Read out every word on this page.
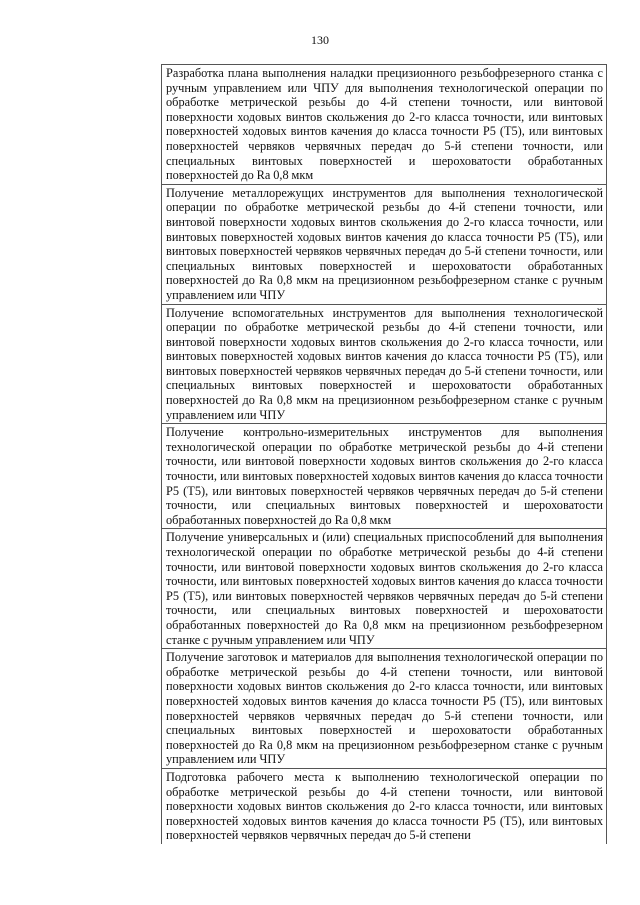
130
Разработка плана выполнения наладки прецизионного резьбофрезерного станка с ручным управлением или ЧПУ для выполнения технологической операции по обработке метрической резьбы до 4-й степени точности, или винтовой поверхности ходовых винтов скольжения до 2-го класса точности, или винтовых поверхностей ходовых винтов качения до класса точности P5 (T5), или винтовых поверхностей червяков червячных передач до 5-й степени точности, или специальных винтовых поверхностей и шероховатости обработанных поверхностей до Ra 0,8 мкм
Получение металлорежущих инструментов для выполнения технологической операции по обработке метрической резьбы до 4-й степени точности, или винтовой поверхности ходовых винтов скольжения до 2-го класса точности, или винтовых поверхностей ходовых винтов качения до класса точности P5 (T5), или винтовых поверхностей червяков червячных передач до 5-й степени точности, или специальных винтовых поверхностей и шероховатости обработанных поверхностей до Ra 0,8 мкм на прецизионном резьбофрезерном станке с ручным управлением или ЧПУ
Получение вспомогательных инструментов для выполнения технологической операции по обработке метрической резьбы до 4-й степени точности, или винтовой поверхности ходовых винтов скольжения до 2-го класса точности, или винтовых поверхностей ходовых винтов качения до класса точности P5 (T5), или винтовых поверхностей червяков червячных передач до 5-й степени точности, или специальных винтовых поверхностей и шероховатости обработанных поверхностей до Ra 0,8 мкм на прецизионном резьбофрезерном станке с ручным управлением или ЧПУ
Получение контрольно-измерительных инструментов для выполнения технологической операции по обработке метрической резьбы до 4-й степени точности, или винтовой поверхности ходовых винтов скольжения до 2-го класса точности, или винтовых поверхностей ходовых винтов качения до класса точности P5 (T5), или винтовых поверхностей червяков червячных передач до 5-й степени точности, или специальных винтовых поверхностей и шероховатости обработанных поверхностей до Ra 0,8 мкм
Получение универсальных и (или) специальных приспособлений для выполнения технологической операции по обработке метрической резьбы до 4-й степени точности, или винтовой поверхности ходовых винтов скольжения до 2-го класса точности, или винтовых поверхностей ходовых винтов качения до класса точности P5 (T5), или винтовых поверхностей червяков червячных передач до 5-й степени точности, или специальных винтовых поверхностей и шероховатости обработанных поверхностей до Ra 0,8 мкм на прецизионном резьбофрезерном станке с ручным управлением или ЧПУ
Получение заготовок и материалов для выполнения технологической операции по обработке метрической резьбы до 4-й степени точности, или винтовой поверхности ходовых винтов скольжения до 2-го класса точности, или винтовых поверхностей ходовых винтов качения до класса точности P5 (T5), или винтовых поверхностей червяков червячных передач до 5-й степени точности, или специальных винтовых поверхностей и шероховатости обработанных поверхностей до Ra 0,8 мкм на прецизионном резьбофрезерном станке с ручным управлением или ЧПУ
Подготовка рабочего места к выполнению технологической операции по обработке метрической резьбы до 4-й степени точности, или винтовой поверхности ходовых винтов скольжения до 2-го класса точности, или винтовых поверхностей ходовых винтов качения до класса точности P5 (T5), или винтовых поверхностей червяков червячных передач до 5-й степени
